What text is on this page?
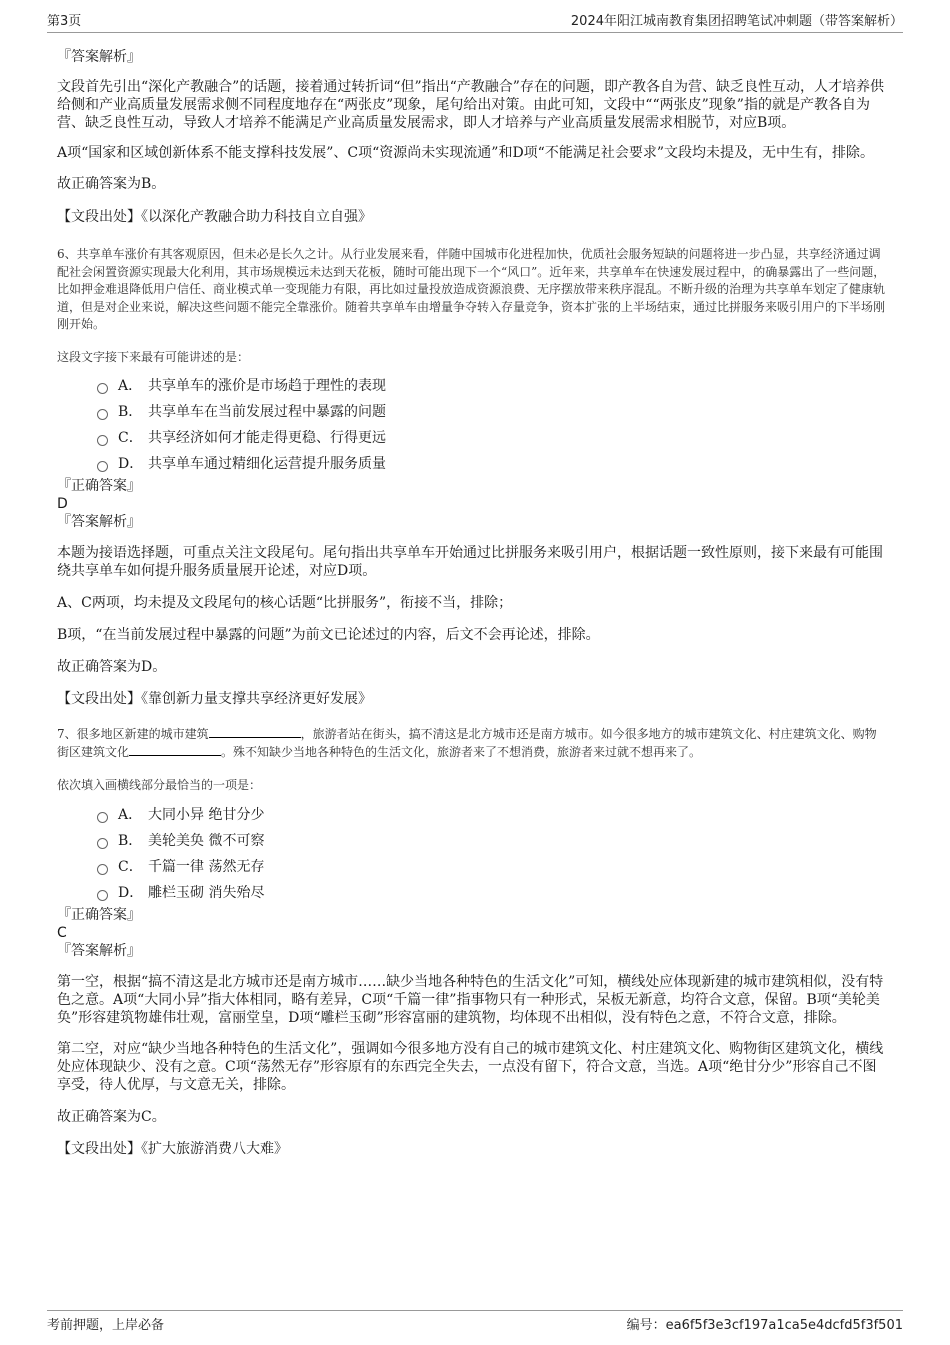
第3页	2024年阳江城南教育集团招聘笔试冲刺题（带答案解析）

『答案解析』

文段首先引出“深化产教融合”的话题，接着通过转折词“但”指出“产教融合”存在的问题，即产教各自为营、缺乏良性互动，人才培养供给侧和产业高质量发展需求侧不同程度地存在“两张皮”现象，尾句给出对策。由此可知，文段中““两张皮”现象”指的就是产教各自为营、缺乏良性互动，导致人才培养不能满足产业高质量发展需求，即人才培养与产业高质量发展需求相脱节，对应B项。

A项“国家和区域创新体系不能支撑科技发展”、C项“资源尚未实现流通”和D项“不能满足社会要求”文段均未提及，无中生有，排除。

故正确答案为B。

【文段出处】《以深化产教融合助力科技自立自强》

6、共享单车涨价有其客观原因，但未必是长久之计。从行业发展来看，伴随中国城市化进程加快，优质社会服务短缺的问题将进一步凸显，共享经济通过调配社会闲置资源实现最大化利用，其市场规模远未达到天花板，随时可能出现下一个“风口”。近年来，共享单车在快速发展过程中，的确暴露出了一些问题，比如押金难退降低用户信任、商业模式单一变现能力有限，再比如过量投放造成资源浪费、无序摆放带来秩序混乱。不断升级的治理为共享单车划定了健康轨道，但是对企业来说，解决这些问题不能完全靠涨价。随着共享单车由增量争夺转入存量竞争，资本扩张的上半场结束，通过比拼服务来吸引用户的下半场刚刚开始。

这段文字接下来最有可能讲述的是：

A． 共享单车的涨价是市场趋于理性的表现
B． 共享单车在当前发展过程中暴露的问题
C． 共享经济如何才能走得更稳、行得更远
D． 共享单车通过精细化运营提升服务质量

『正确答案』

D

『答案解析』

本题为接语选择题，可重点关注文段尾句。尾句指出共享单车开始通过比拼服务来吸引用户，根据话题一致性原则，接下来最有可能围绕共享单车如何提升服务质量展开论述，对应D项。

A、C两项，均未提及文段尾句的核心话题“比拼服务”，衔接不当，排除；

B项，“在当前发展过程中暴露的问题”为前文已论述过的内容，后文不会再论述，排除。

故正确答案为D。

【文段出处】《靠创新力量支撑共享经济更好发展》

7、很多地区新建的城市建筑	，旅游者站在街头，搞不清这是北方城市还是南方城市。如今很多地方的城市建筑文化、村庄建筑文化、购物街区建筑文化	。殊不知缺少当地各种特色的生活文化，旅游者来了不想消费，旅游者来过就不想再来了。

依次填入画横线部分最恰当的一项是：

A． 大同小异 绝甘分少
B． 美轮美奂 微不可察
C． 千篇一律 荡然无存
D． 雕栏玉砌 消失殆尽

『正确答案』

C

『答案解析』

第一空，根据“搞不清这是北方城市还是南方城市……缺少当地各种特色的生活文化”可知，横线处应体现新建的城市建筑相似，没有特色之意。A项“大同小异”指大体相同，略有差异，C项“千篇一律”指事物只有一种形式，呆板无新意，均符合文意，保留。B项“美轮美奂”形容建筑物雄伟壮观，富丽堂皇，D项“雕栏玉砌”形容富丽的建筑物，均体现不出相似，没有特色之意，不符合文意，排除。

第二空，对应“缺少当地各种特色的生活文化”，强调如今很多地方没有自己的城市建筑文化、村庄建筑文化、购物街区建筑文化，横线处应体现缺少、没有之意。C项“荡然无存”形容原有的东西完全失去，一点没有留下，符合文意，当选。A项“绝甘分少”形容自己不图享受，待人优厚，与文意无关，排除。

故正确答案为C。

【文段出处】《扩大旅游消费八大难》

考前押题，上岸必备	编号：ea6f5f3e3cf197a1ca5e4dcfd5f3f501
